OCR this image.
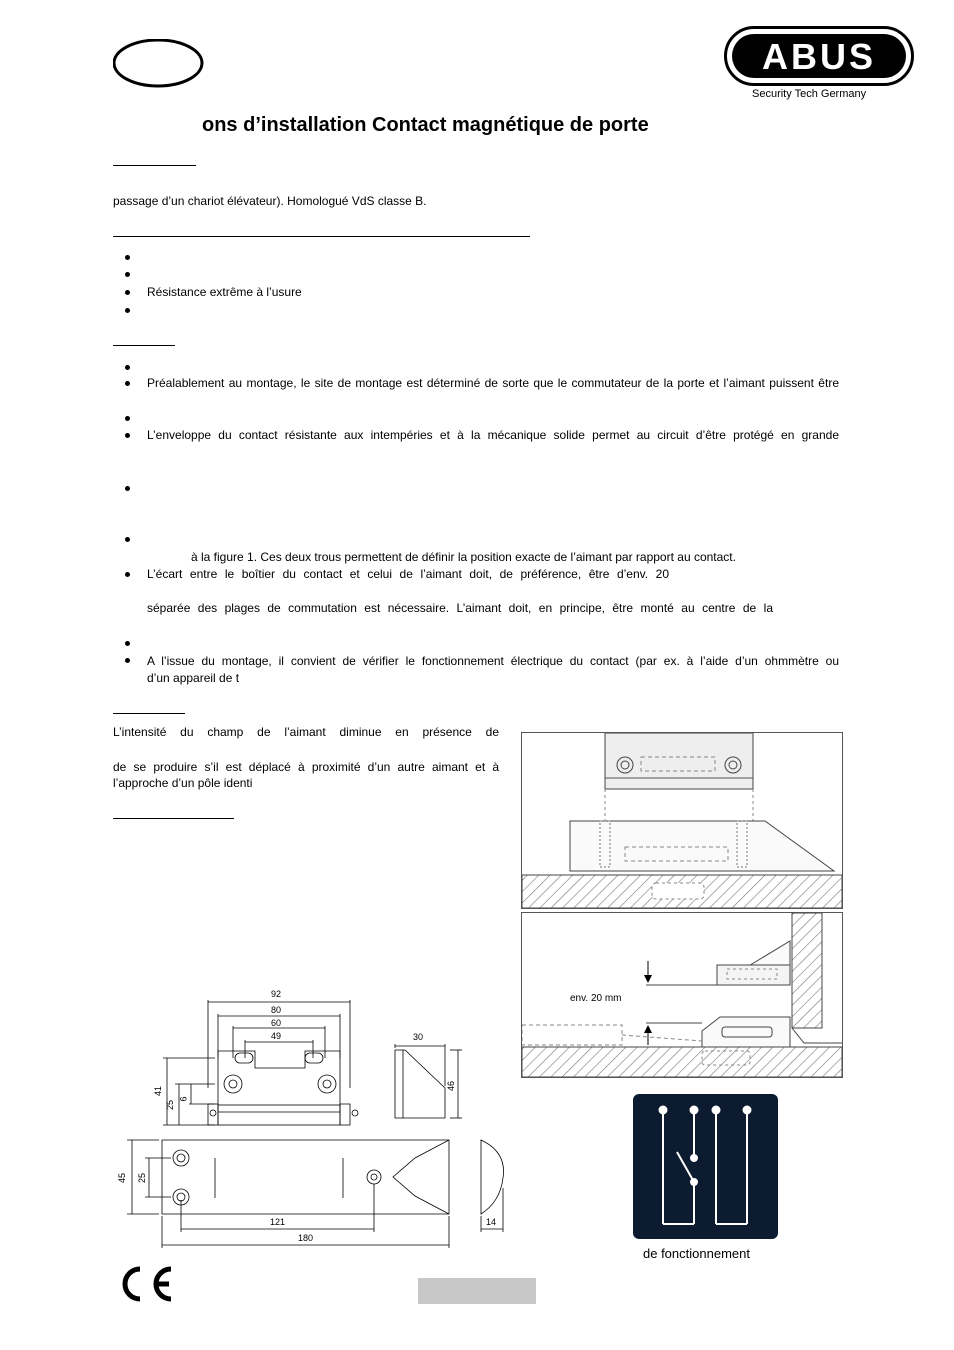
ABUS
Security Tech Germany
ons d’installation Contact magnétique de porte
passage d’un chariot élévateur). Homologué VdS classe B.
Résistance extrême à l’usure
Préalablement au montage, le site de montage est déterminé de sorte que le commutateur de la porte et l’aimant puissent être
L’enveloppe du contact résistante aux intempéries et à la mécanique solide permet au circuit d’être protégé en grande
à la figure 1. Ces deux trous permettent de définir la position exacte de l’aimant par rapport au contact.
L’écart entre le boîtier du contact et celui de l’aimant doit, de préférence, être d’env. 20
séparée des plages de commutation est nécessaire. L’aimant doit, en principe, être monté au centre de la
A l’issue du montage, il convient de vérifier le fonctionnement électrique du contact (par ex. à l’aide d’un ohmmètre ou
d’un appareil de t
L’intensité du champ de l’aimant diminue en présence de
de se produire s’il est déplacé à proximité d’un autre aimant et à
l’approche d’un pôle identi
env. 20 mm
92
80
60
49	30
41
25
6
46
45 25
121
180
14
de fonctionnement
